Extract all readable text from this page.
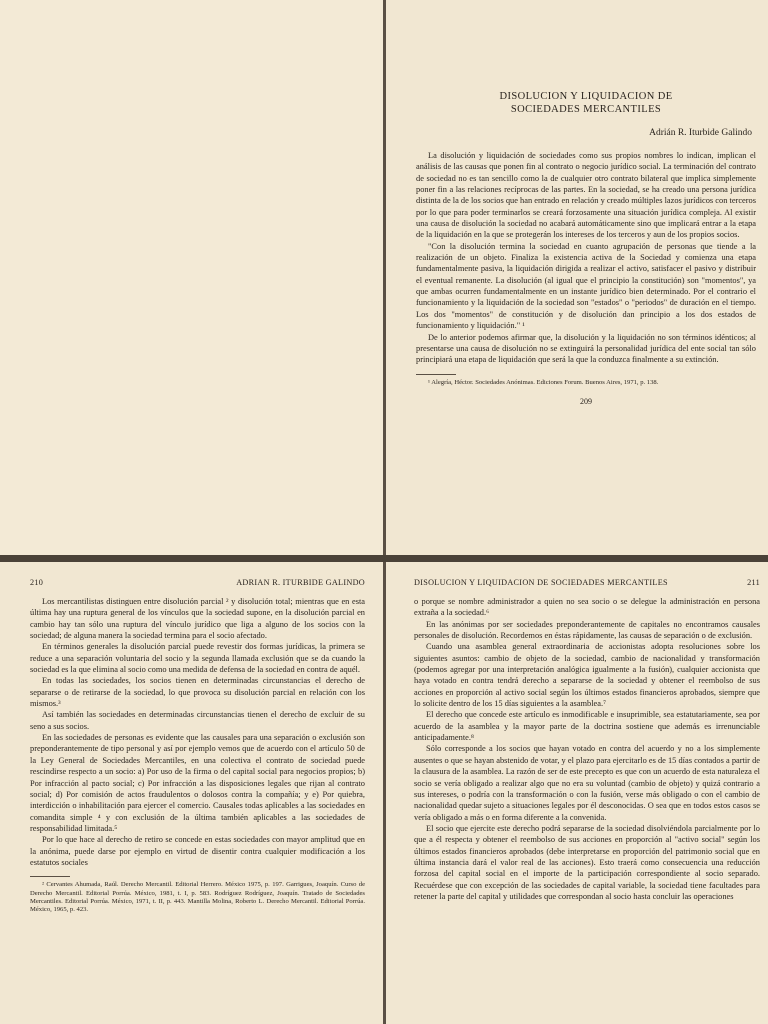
DISOLUCION Y LIQUIDACION DE
SOCIEDADES MERCANTILES
Adrián R. Iturbide Galindo

La disolución y liquidación de sociedades como sus propios nombres lo indican, implican el análisis de las causas que ponen fin al contrato o negocio jurídico social. La terminación del contrato de sociedad no es tan sencillo como la de cualquier otro contrato bilateral que implica simplemente poner fin a las relaciones recíprocas de las partes. En la sociedad, se ha creado una persona jurídica distinta de la de los socios que han entrado en relación y creado múltiples lazos jurídicos con terceros por lo que para poder terminarlos se creará forzosamente una situación jurídica compleja. Al existir una causa de disolución la sociedad no acabará automáticamente sino que implicará entrar a la etapa de la liquidación en la que se protegerán los intereses de los terceros y aun de los propios socios.

"Con la disolución termina la sociedad en cuanto agrupación de personas que tiende a la realización de un objeto. Finaliza la existencia activa de la Sociedad y comienza una etapa fundamentalmente pasiva, la liquidación dirigida a realizar el activo, satisfacer el pasivo y distribuir el eventual remanente. La disolución (al igual que el principio la constitución) son "momentos", ya que ambas ocurren fundamentalmente en un instante jurídico bien determinado. Por el contrario el funcionamiento y la liquidación de la sociedad son "estados" o "periodos" de duración en el tiempo. Los dos "momentos" de constitución y de disolución dan principio a los dos estados de funcionamiento y liquidación." ¹

De lo anterior podemos afirmar que, la disolución y la liquidación no son términos idénticos; al presentarse una causa de disolución no se extinguirá la personalidad jurídica del ente social tan sólo principiará una etapa de liquidación que será la que la conduzca finalmente a su extinción.

¹ Alegría, Héctor. Sociedades Anónimas. Ediciones Forum. Buenos Aires, 1971, p. 138.

209
210	ADRIAN R. ITURBIDE GALINDO

Los mercantilistas distinguen entre disolución parcial ² y disolución total; mientras que en esta última hay una ruptura general de los vínculos que la sociedad supone, en la disolución parcial en cambio hay tan sólo una ruptura del vínculo jurídico que liga a alguno de los socios con la sociedad; de alguna manera la sociedad termina para el socio afectado.

En términos generales la disolución parcial puede revestir dos formas jurídicas, la primera se reduce a una separación voluntaria del socio y la segunda llamada exclusión que se da cuando la sociedad es la que elimina al socio como una medida de defensa de la sociedad en contra de aquél.

En todas las sociedades, los socios tienen en determinadas circunstancias el derecho de separarse o de retirarse de la sociedad, lo que provoca su disolución parcial en relación con los mismos.³

Así también las sociedades en determinadas circunstancias tienen el derecho de excluir de su seno a sus socios.

En las sociedades de personas es evidente que las causales para una separación o exclusión son preponderantemente de tipo personal y así por ejemplo vemos que de acuerdo con el artículo 50 de la Ley General de Sociedades Mercantiles, en una colectiva el contrato de sociedad puede rescindirse respecto a un socio: a) Por uso de la firma o del capital social para negocios propios; b) Por infracción al pacto social; c) Por infracción a las disposiciones legales que rijan al contrato social; d) Por comisión de actos fraudulentos o dolosos contra la compañía; y e) Por quiebra, interdicción o inhabilitación para ejercer el comercio. Causales todas aplicables a las sociedades en comandita simple ⁴ y con exclusión de la última también aplicables a las sociedades de responsabilidad limitada.⁵

Por lo que hace al derecho de retiro se concede en estas sociedades con mayor amplitud que en la anónima, puede darse por ejemplo en virtud de disentir contra cualquier modificación a los estatutos sociales

² Cervantes Ahumada, Raúl. Derecho Mercantil. Editorial Herrero. México 1975, p. 197. Garrigues, Joaquín. Curso de Derecho Mercantil. Editorial Porrúa. México, 1981, t. I, p. 583. Rodríguez Rodríguez, Joaquín. Tratado de Sociedades Mercantiles. Editorial Porrúa. México, 1971, t. II, p. 443. Mantilla Molina, Roberto L. Derecho Mercantil. Editorial Porrúa. México, 1965, p. 423.

DISOLUCION Y LIQUIDACION DE SOCIEDADES MERCANTILES	211

o porque se nombre administrador a quien no sea socio o se delegue la administración en persona extraña a la sociedad.⁶

En las anónimas por ser sociedades preponderantemente de capitales no encontramos causales personales de disolución. Recordemos en éstas rápidamente, las causas de separación o de exclusión.

Cuando una asamblea general extraordinaria de accionistas adopta resoluciones sobre los siguientes asuntos: cambio de objeto de la sociedad, cambio de nacionalidad y transformación (podemos agregar por una interpretación analógica igualmente a la fusión), cualquier accionista que haya votado en contra tendrá derecho a separarse de la sociedad y obtener el reembolso de sus acciones en proporción al activo social según los últimos estados financieros aprobados, siempre que lo solicite dentro de los 15 días siguientes a la asamblea.⁷

El derecho que concede este artículo es inmodificable e insuprimible, sea estatutariamente, sea por acuerdo de la asamblea y la mayor parte de la doctrina sostiene que además es irrenunciable anticipadamente.⁸

Sólo corresponde a los socios que hayan votado en contra del acuerdo y no a los simplemente ausentes o que se hayan abstenido de votar, y el plazo para ejercitarlo es de 15 días contados a partir de la clausura de la asamblea. La razón de ser de este precepto es que con un acuerdo de esta naturaleza el socio se vería obligado a realizar algo que no era su voluntad (cambio de objeto) y quizá contrario a sus intereses, o podría con la transformación o con la fusión, verse más obligado o con el cambio de nacionalidad quedar sujeto a situaciones legales por él desconocidas. O sea que en todos estos casos se vería obligado a más o en forma diferente a la convenida.

El socio que ejercite este derecho podrá separarse de la sociedad disolviéndola parcialmente por lo que a él respecta y obtener el reembolso de sus acciones en proporción al "activo social" según los últimos estados financieros aprobados (debe interpretarse en proporción del patrimonio social que en última instancia dará el valor real de las acciones). Esto traerá como consecuencia una reducción forzosa del capital social en el importe de la participación correspondiente al socio separado. Recuérdese que con excepción de las sociedades de capital variable, la sociedad tiene facultades para retener la parte del capital y utilidades que correspondan al socio hasta concluir las operaciones
